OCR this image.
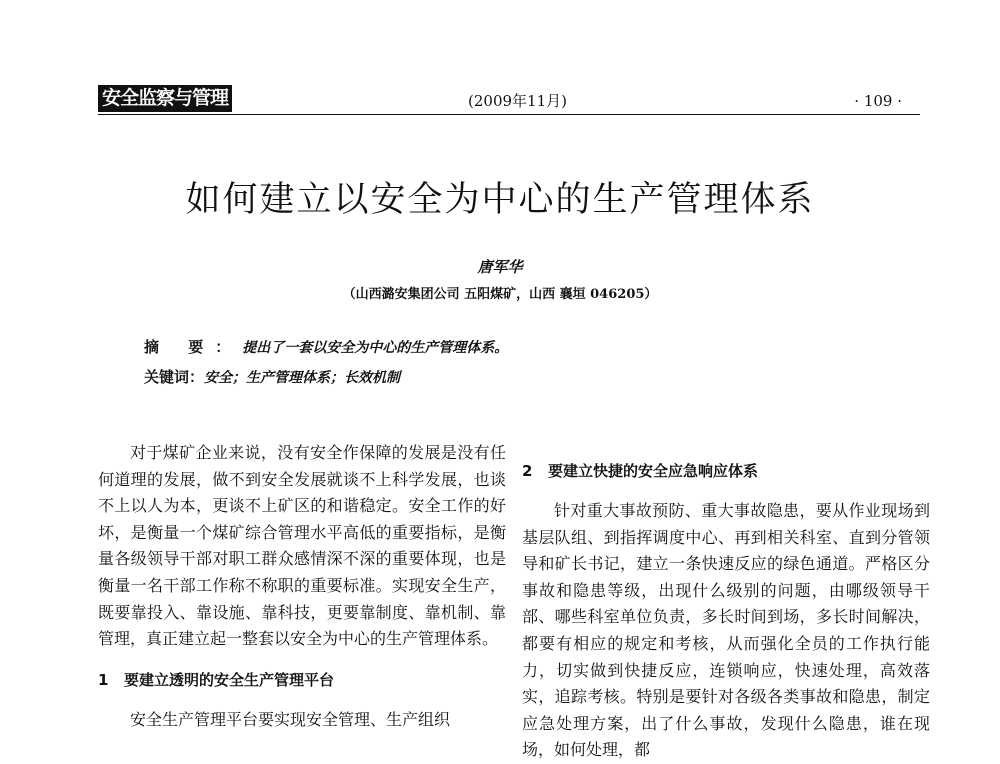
安全监察与管理	(2009年11月)	· 109 ·
如何建立以安全为中心的生产管理体系
唐军华
（山西潞安集团公司 五阳煤矿，山西 襄垣 046205）
摘 要：提出了一套以安全为中心的生产管理体系。
关键词：安全；生产管理体系；长效机制

对于煤矿企业来说，没有安全作保障的发展是没有任何道理的发展，做不到安全发展就谈不上科学发展，也谈不上以人为本，更谈不上矿区的和谐稳定。安全工作的好坏，是衡量一个煤矿综合管理水平高低的重要指标，是衡量各级领导干部对职工群众感情深不深的重要体现，也是衡量一名干部工作称不称职的重要标准。实现安全生产，既要靠投入、靠设施、靠科技，更要靠制度、靠机制、靠管理，真正建立起一整套以安全为中心的生产管理体系。

1 要建立透明的安全生产管理平台

安全生产管理平台要实现安全管理、生产组织

2 要建立快捷的安全应急响应体系

针对重大事故预防、重大事故隐患，要从作业现场到基层队组、到指挥调度中心、再到相关科室、直到分管领导和矿长书记，建立一条快速反应的绿色通道。严格区分事故和隐患等级，出现什么级别的问题，由哪级领导干部、哪些科室单位负责，多长时间到场，多长时间解决，都要有相应的规定和考核，从而强化全员的工作执行能力，切实做到快捷反应，连锁响应，快速处理，高效落实，追踪考核。特别是要针对各级各类事故和隐患，制定应急处理方案，出了什么事故，发现什么隐患，谁在现场，如何处理，都
